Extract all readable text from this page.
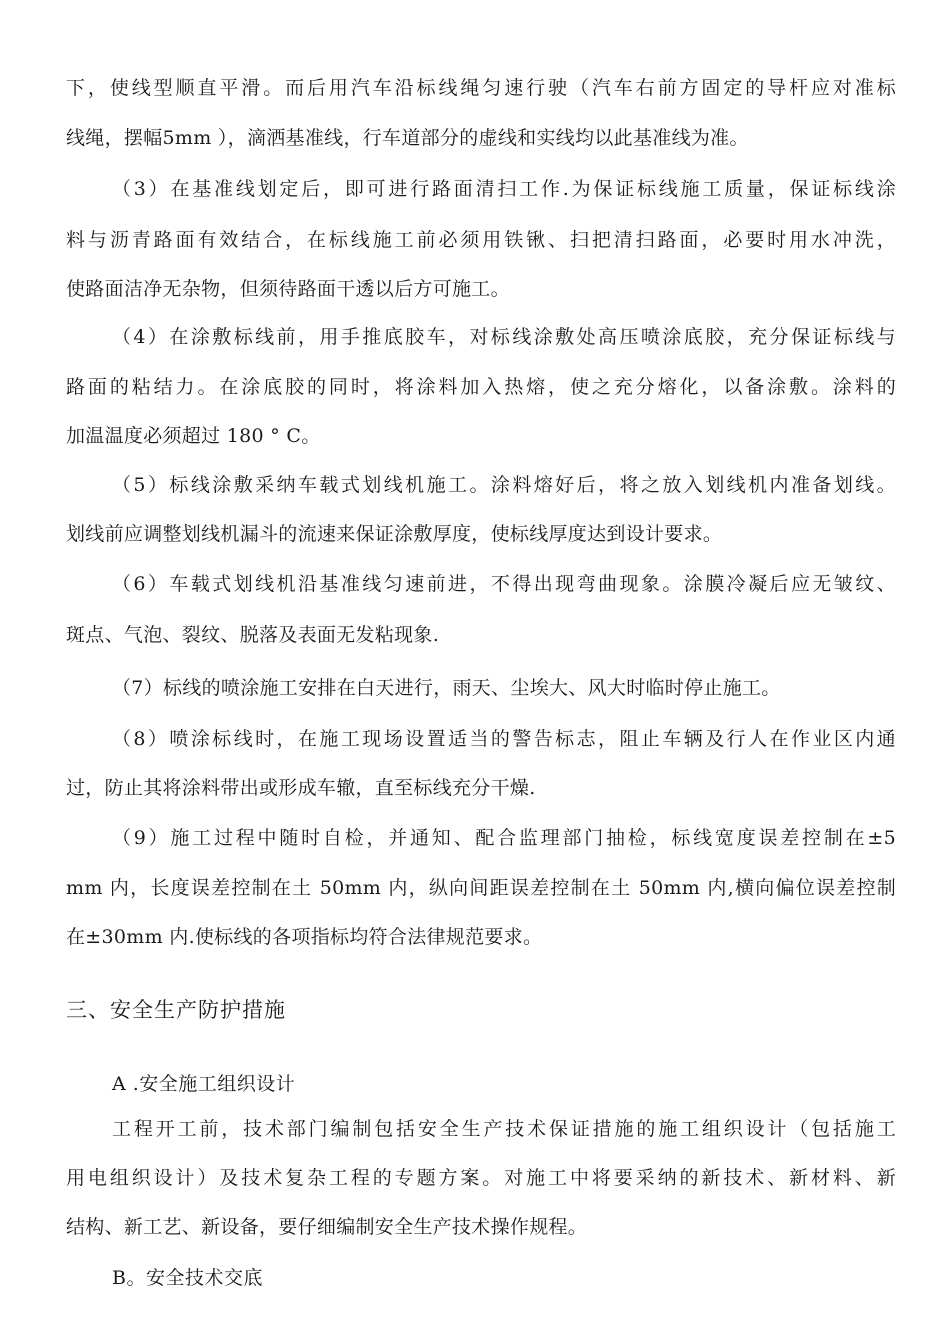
下，使线型顺直平滑。而后用汽车沿标线绳匀速行驶（汽车右前方固定的导杆应对准标
线绳，摆幅5mm ），滴洒基准线，行车道部分的虚线和实线均以此基准线为准。
（3）在基准线划定后，即可进行路面清扫工作.为保证标线施工质量，保证标线涂
料与沥青路面有效结合，在标线施工前必须用铁锹、扫把清扫路面，必要时用水冲洗，
使路面洁净无杂物，但须待路面干透以后方可施工。
（4）在涂敷标线前，用手推底胶车，对标线涂敷处高压喷涂底胶，充分保证标线与
路面的粘结力。在涂底胶的同时，将涂料加入热熔，使之充分熔化，以备涂敷。涂料的
加温温度必须超过 180 ° C。
（5）标线涂敷采纳车载式划线机施工。涂料熔好后，将之放入划线机内准备划线。
划线前应调整划线机漏斗的流速来保证涂敷厚度，使标线厚度达到设计要求。
（6）车载式划线机沿基准线匀速前进，不得出现弯曲现象。涂膜冷凝后应无皱纹、
斑点、气泡、裂纹、脱落及表面无发粘现象.
（7）标线的喷涂施工安排在白天进行，雨天、尘埃大、风大时临时停止施工。
（8）喷涂标线时，在施工现场设置适当的警告标志，阻止车辆及行人在作业区内通
过，防止其将涂料带出或形成车辙，直至标线充分干燥.
（9）施工过程中随时自检，并通知、配合监理部门抽检，标线宽度误差控制在±5
mm 内，长度误差控制在土 50mm 内，纵向间距误差控制在土 50mm 内,横向偏位误差控制
在±30mm 内.使标线的各项指标均符合法律规范要求。
三、安全生产防护措施
A .安全施工组织设计
工程开工前，技术部门编制包括安全生产技术保证措施的施工组织设计（包括施工
用电组织设计）及技术复杂工程的专题方案。对施工中将要采纳的新技术、新材料、新
结构、新工艺、新设备，要仔细编制安全生产技术操作规程。
B。安全技术交底
